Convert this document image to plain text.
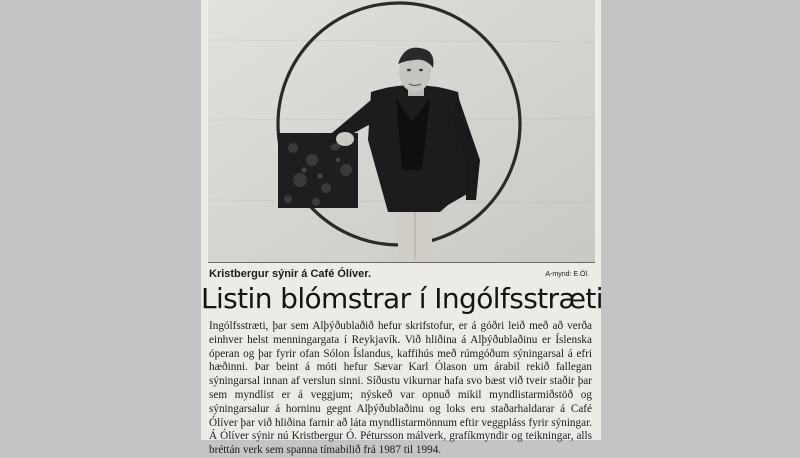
Kristbergur sýnir á Café Ólíver.	A-mynd: E.Ól.
Listin blómstrar í Ingólfsstræti

Ingólfsstræti, þar sem Alþýðublaðið hefur skrifstofur, er á góðri leið með að verða einhver helst menningargata í Reykjavík. Við hliðina á Alþýðublaðinu er Íslenska óperan og þar fyrir ofan Sólon Íslandus, kaffihús með rúmgóðum sýningarsal á efri hæðinni. Þar beint á móti hefur Sævar Karl Ólason um árabil rekið fallegan sýningarsal innan af verslun sinni. Síðustu vikurnar hafa svo bæst við tveir staðir þar sem myndlist er á veggjum; nýskeð var opnuð mikil myndlistarmiðstöð og sýningarsalur á horninu gegnt Alþýðublaðinu og loks eru staðarhaldarar á Café Ólíver þar við hliðina farnir að láta myndlistarmönnum eftir veggpláss fyrir sýningar. Á Ólíver sýnir nú Kristbergur Ó. Pétursson málverk, grafíkmyndir og teikningar, alls bréttán verk sem spanna tímabilið frá 1987 til 1994.
